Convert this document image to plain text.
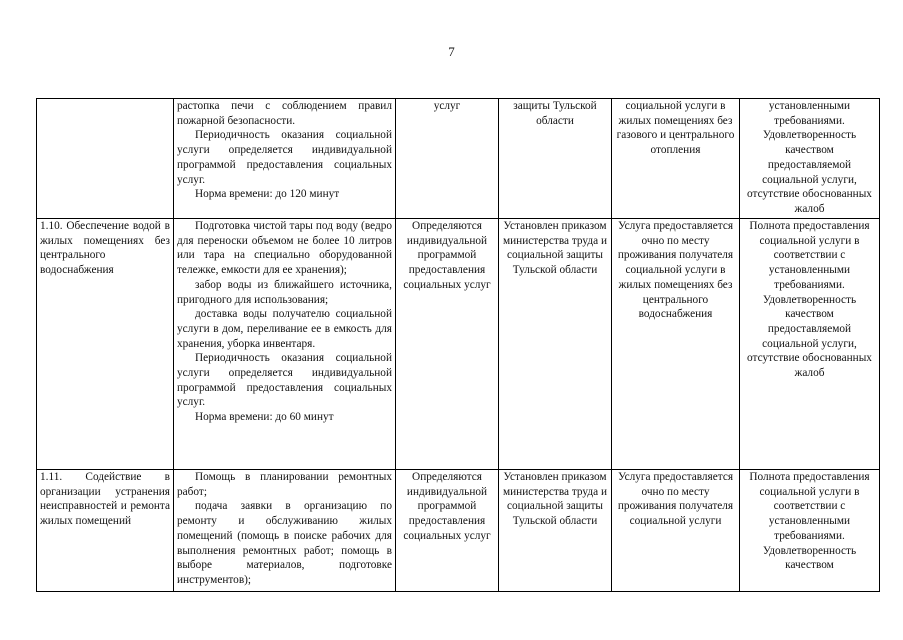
7

	растопка печи с соблюдением правил пожарной безопасности.

Периодичность оказания социальной услуги определяется индивидуальной программой предоставления социальных услуг.

Норма времени: до 120 минут	услуг	защиты Тульской области	социальной услуги в жилых помещениях без газового и центрального отопления	установленными требованиями. Удовлетворенность качеством предоставляемой социальной услуги, отсутствие обоснованных жалоб
1.10. Обеспечение водой в жилых помещениях без центрального водоснабжения	Подготовка чистой тары под воду (ведро для переноски объемом не более 10 литров или тара на специально оборудованной тележке, емкости для ее хранения);

забор воды из ближайшего источника, пригодного для использования;

доставка воды получателю социальной услуги в дом, переливание ее в емкость для хранения, уборка инвентаря.

Периодичность оказания социальной услуги определяется индивидуальной программой предоставления социальных услуг.

Норма времени: до 60 минут	Определяются индивидуальной программой предоставления социальных услуг	Установлен приказом министерства труда и социальной защиты Тульской области	Услуга предоставляется очно по месту проживания получателя социальной услуги в жилых помещениях без центрального водоснабжения	Полнота предоставления социальной услуги в соответствии с установленными требованиями. Удовлетворенность качеством предоставляемой социальной услуги, отсутствие обоснованных жалоб
1.11. Содействие в организации устранения неисправностей и ремонта жилых помещений	Помощь в планировании ремонтных работ;

подача заявки в организацию по ремонту и обслуживанию жилых помещений (помощь в поиске рабочих для выполнения ремонтных работ; помощь в выборе материалов, подготовке инструментов);	Определяются индивидуальной программой предоставления социальных услуг	Установлен приказом министерства труда и социальной защиты Тульской области	Услуга предоставляется очно по месту проживания получателя социальной услуги	Полнота предоставления социальной услуги в соответствии с установленными требованиями. Удовлетворенность качеством
